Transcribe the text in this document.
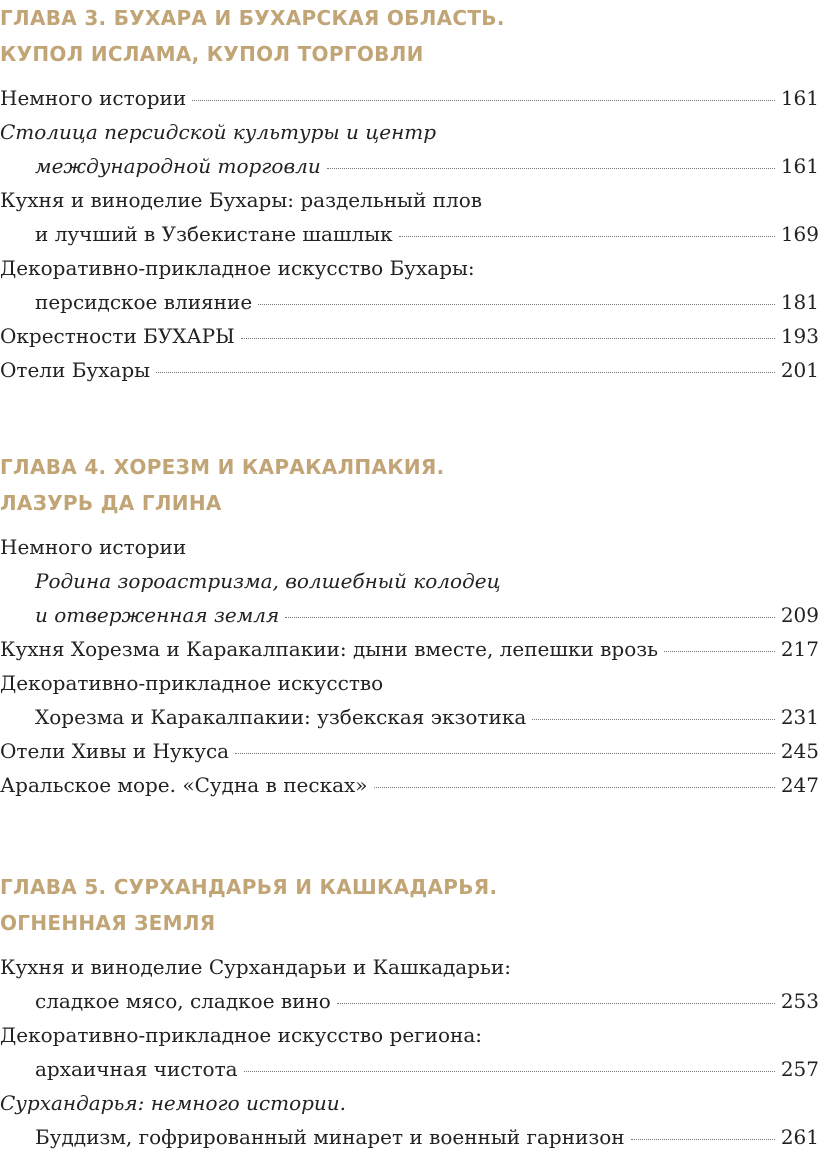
ГЛАВА 3. БУХАРА И БУХАРСКАЯ ОБЛАСТЬ.
КУПОЛ ИСЛАМА, КУПОЛ ТОРГОВЛИ
Немного истории	161
Столица персидской культуры и центр
международной торговли	161
Кухня и виноделие Бухары: раздельный плов
и лучший в Узбекистане шашлык	169
Декоративно-прикладное искусство Бухары:
персидское влияние	181
Окрестности БУХАРЫ	193
Отели Бухары	201
ГЛАВА 4. ХОРЕЗМ И КАРАКАЛПАКИЯ.
ЛАЗУРЬ ДА ГЛИНА
Немного истории
Родина зороастризма, волшебный колодец
и отверженная земля	209
Кухня Хорезма и Каракалпакии: дыни вместе, лепешки врозь	217
Декоративно-прикладное искусство
Хорезма и Каракалпакии: узбекская экзотика	231
Отели Хивы и Нукуса	245
Аральское море. «Судна в песках»	247
ГЛАВА 5. СУРХАНДАРЬЯ И КАШКАДАРЬЯ.
ОГНЕННАЯ ЗЕМЛЯ
Кухня и виноделие Сурхандарьи и Кашкадарьи:
сладкое мясо, сладкое вино	253
Декоративно-прикладное искусство региона:
архаичная чистота	257
Сурхандарья: немного истории.
Буддизм, гофрированный минарет и военный гарнизон	261
